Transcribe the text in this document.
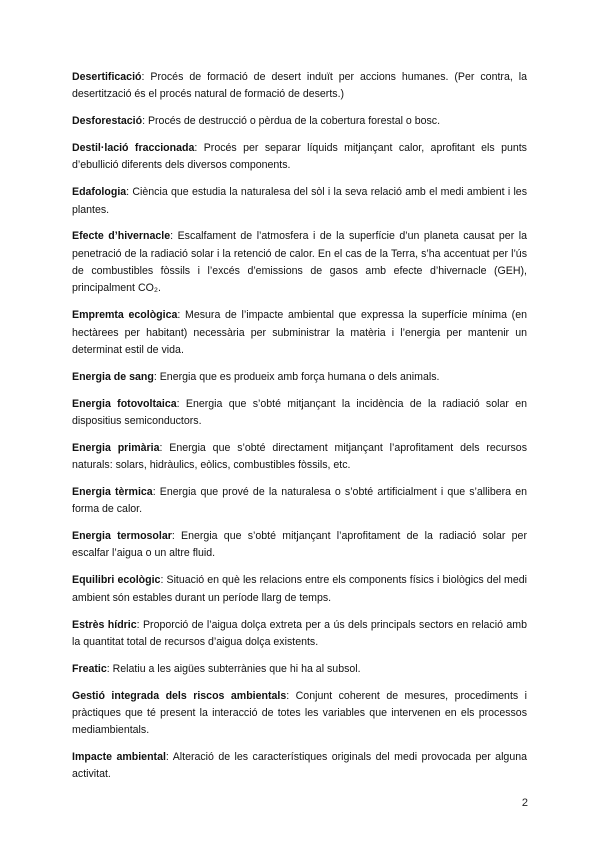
Desertificació: Procés de formació de desert induït per accions humanes. (Per contra, la desertització és el procés natural de formació de deserts.)

Desforestació: Procés de destrucció o pèrdua de la cobertura forestal o bosc.

Destil·lació fraccionada: Procés per separar líquids mitjançant calor, aprofitant els punts d’ebullició diferents dels diversos components.

Edafologia: Ciència que estudia la naturalesa del sòl i la seva relació amb el medi ambient i les plantes.

Efecte d’hivernacle: Escalfament de l’atmosfera i de la superfície d’un planeta causat per la penetració de la radiació solar i la retenció de calor. En el cas de la Terra, s’ha accentuat per l’ús de combustibles fòssils i l’excés d’emissions de gasos amb efecte d’hivernacle (GEH), principalment CO₂.

Empremta ecològica: Mesura de l’impacte ambiental que expressa la superfície mínima (en hectàrees per habitant) necessària per subministrar la matèria i l’energia per mantenir un determinat estil de vida.

Energia de sang: Energia que es produeix amb força humana o dels animals.

Energia fotovoltaica: Energia que s’obté mitjançant la incidència de la radiació solar en dispositius semiconductors.

Energia primària: Energia que s’obté directament mitjançant l’aprofitament dels recursos naturals: solars, hidràulics, eòlics, combustibles fòssils, etc.

Energia tèrmica: Energia que prové de la naturalesa o s’obté artificialment i que s’allibera en forma de calor.

Energia termosolar: Energia que s’obté mitjançant l’aprofitament de la radiació solar per escalfar l’aigua o un altre fluid.

Equilibri ecològic: Situació en què les relacions entre els components físics i biològics del medi ambient són estables durant un període llarg de temps.

Estrès hídric: Proporció de l’aigua dolça extreta per a ús dels principals sectors en relació amb la quantitat total de recursos d’aigua dolça existents.

Freatic: Relatiu a les aigües subterrànies que hi ha al subsol.

Gestió integrada dels riscos ambientals: Conjunt coherent de mesures, procediments i pràctiques que té present la interacció de totes les variables que intervenen en els processos mediambientals.

Impacte ambiental: Alteració de les característiques originals del medi provocada per alguna activitat.

2
